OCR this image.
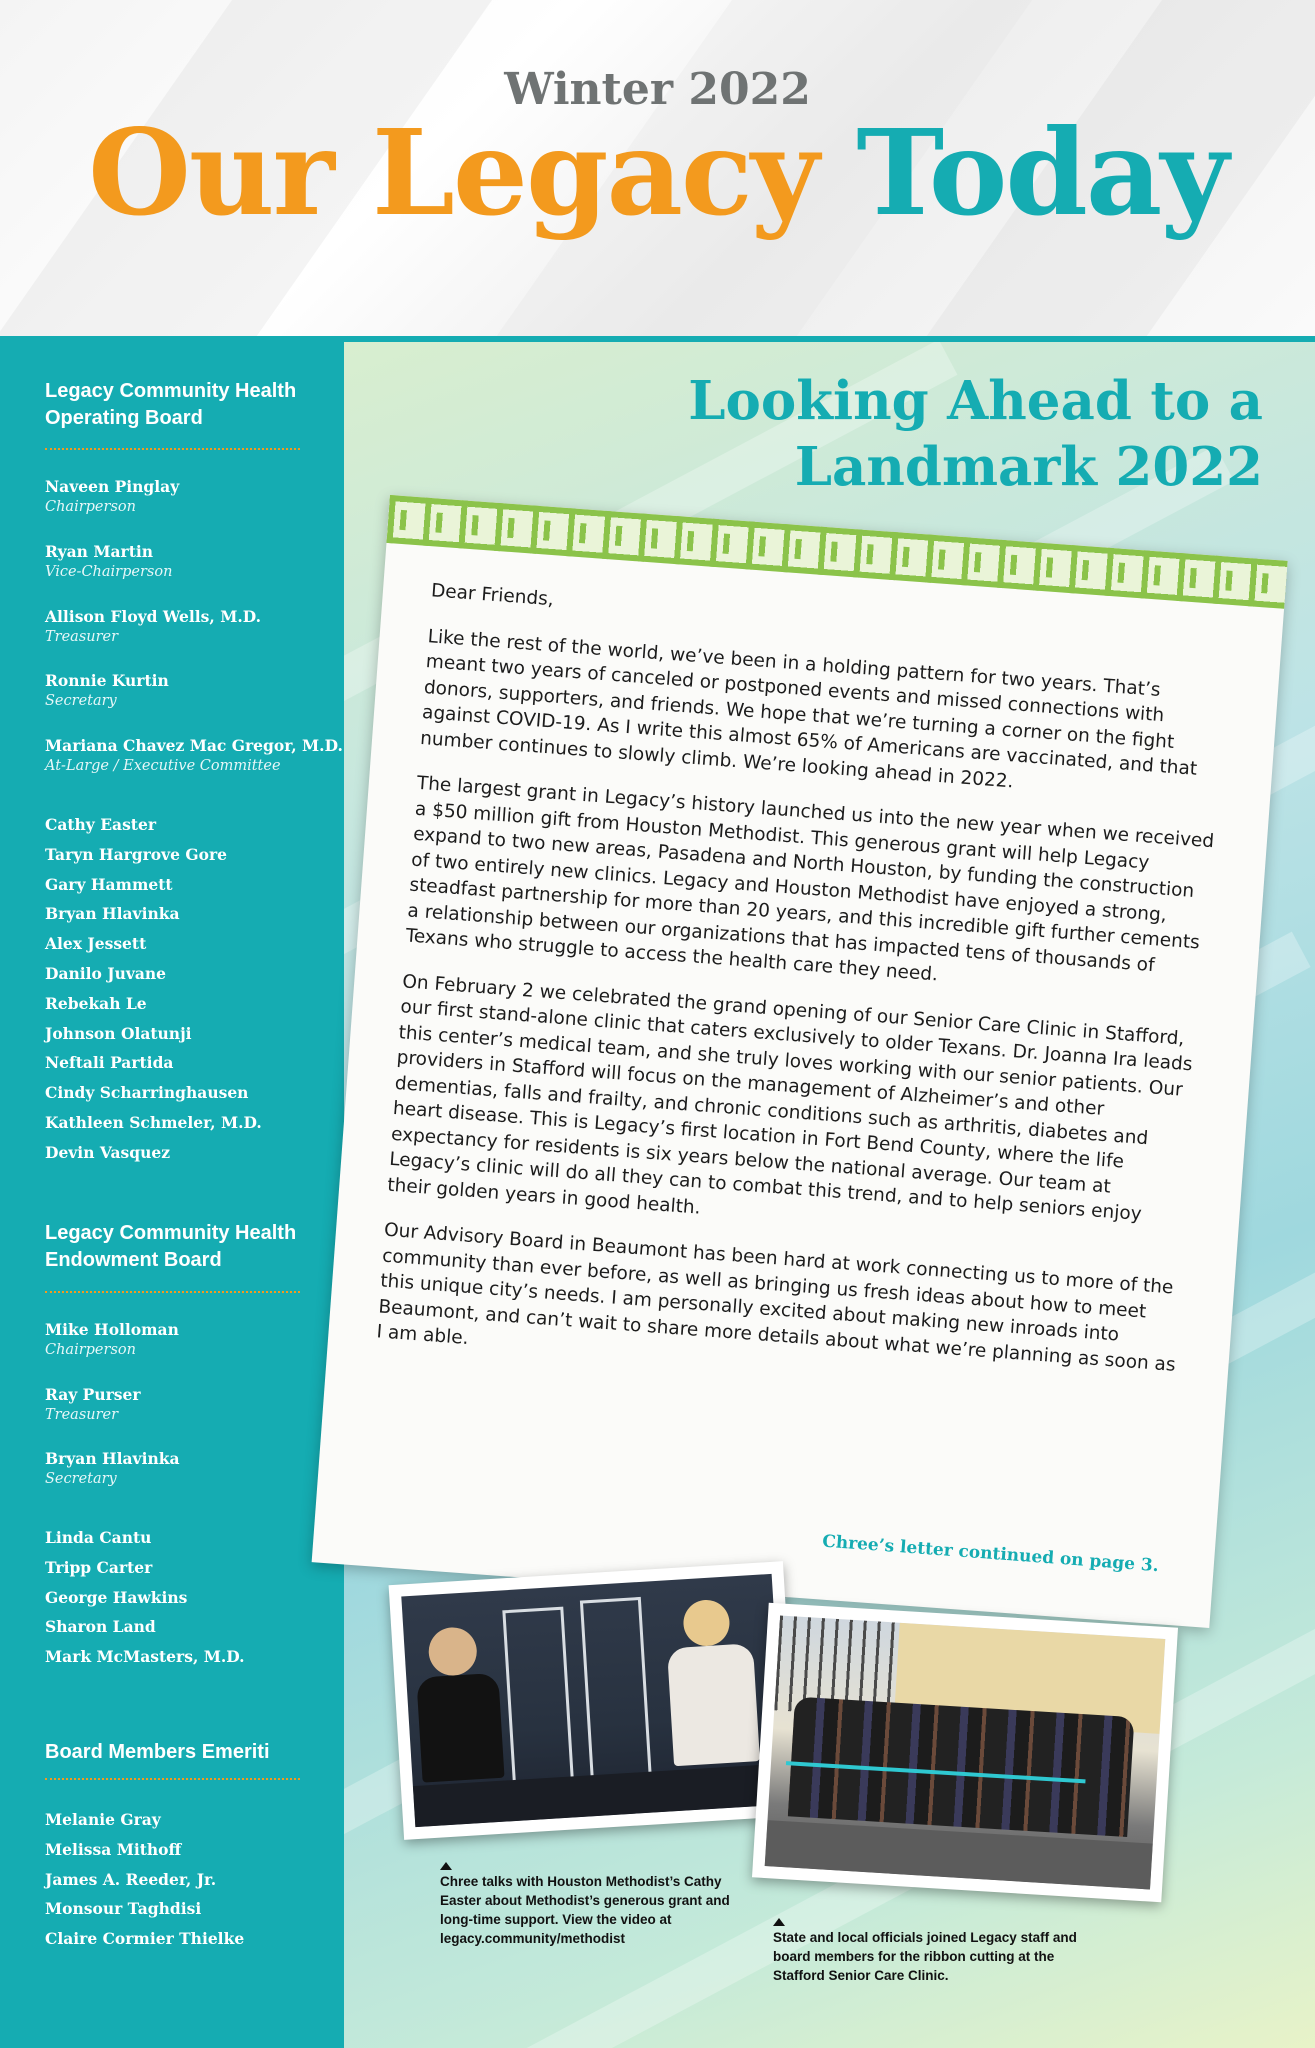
Winter 2022
Our Legacy Today
Legacy Community Health
Operating Board
Naveen Pinglay
Chairperson
Ryan Martin
Vice-Chairperson
Allison Floyd Wells, M.D.
Treasurer
Ronnie Kurtin
Secretary
Mariana Chavez Mac Gregor, M.D.
At-Large / Executive Committee
Cathy Easter
Taryn Hargrove Gore
Gary Hammett
Bryan Hlavinka
Alex Jessett
Danilo Juvane
Rebekah Le
Johnson Olatunji
Neftali Partida
Cindy Scharringhausen
Kathleen Schmeler, M.D.
Devin Vasquez
Legacy Community Health
Endowment Board
Mike Holloman
Chairperson
Ray Purser
Treasurer
Bryan Hlavinka
Secretary
Linda Cantu
Tripp Carter
George Hawkins
Sharon Land
Mark McMasters, M.D.
Board Members Emeriti
Melanie Gray
Melissa Mithoff
James A. Reeder, Jr.
Monsour Taghdisi
Claire Cormier Thielke
Looking Ahead to a
Landmark 2022

Dear Friends,

Like the rest of the world, we’ve been in a holding pattern for two years. That’s meant two years of canceled or postponed events and missed connections with donors, supporters, and friends. We hope that we’re turning a corner on the fight against COVID-19. As I write this almost 65% of Americans are vaccinated, and that number continues to slowly climb. We’re looking ahead in 2022.

The largest grant in Legacy’s history launched us into the new year when we received a $50 million gift from Houston Methodist. This generous grant will help Legacy expand to two new areas, Pasadena and North Houston, by funding the construction of two entirely new clinics. Legacy and Houston Methodist have enjoyed a strong, steadfast partnership for more than 20 years, and this incredible gift further cements a relationship between our organizations that has impacted tens of thousands of Texans who struggle to access the health care they need.

On February 2 we celebrated the grand opening of our Senior Care Clinic in Stafford, our first stand-alone clinic that caters exclusively to older Texans. Dr. Joanna Ira leads this center’s medical team, and she truly loves working with our senior patients. Our providers in Stafford will focus on the management of Alzheimer’s and other dementias, falls and frailty, and chronic conditions such as arthritis, diabetes and heart disease. This is Legacy’s first location in Fort Bend County, where the life expectancy for residents is six years below the national average. Our team at Legacy’s clinic will do all they can to combat this trend, and to help seniors enjoy their golden years in good health.

Our Advisory Board in Beaumont has been hard at work connecting us to more of the community than ever before, as well as bringing us fresh ideas about how to meet this unique city’s needs. I am personally excited about making new inroads into Beaumont, and can’t wait to share more details about what we’re planning as soon as I am able.

Chree’s letter continued on page 3.
Chree talks with Houston Methodist’s Cathy Easter about Methodist’s generous grant and long-time support. View the video at legacy.community/methodist	State and local officials joined Legacy staff and board members for the ribbon cutting at the Stafford Senior Care Clinic.
